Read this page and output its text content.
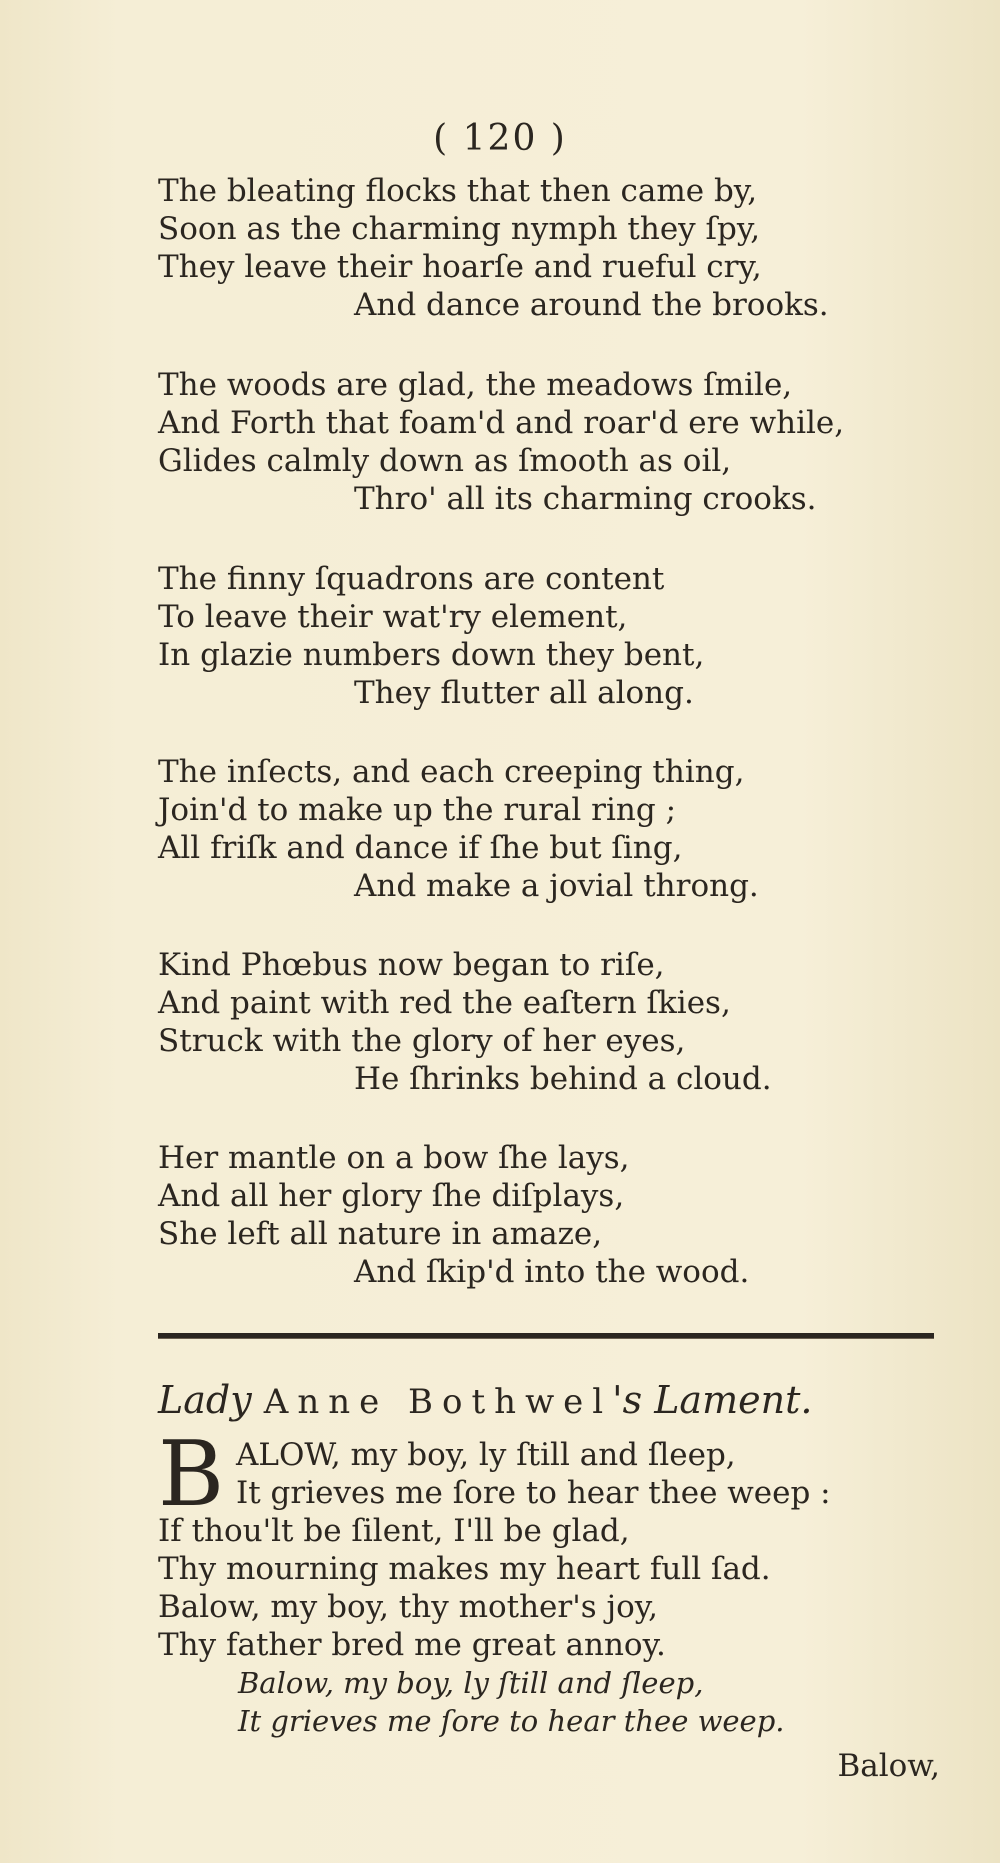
( 120 )
The bleating flocks that then came by,
Soon as the charming nymph they ſpy,
They leave their hoarſe and rueful cry,
And dance around the brooks.
The woods are glad, the meadows ſmile,
And Forth that foam'd and roar'd ere while,
Glides calmly down as ſmooth as oil,
Thro' all its charming crooks.
The finny ſquadrons are content
To leave their wat'ry element,
In glazie numbers down they bent,
They flutter all along.
The inſects, and each creeping thing,
Join'd to make up the rural ring ;
All friſk and dance if ſhe but ſing,
And make a jovial throng.
Kind Phœbus now began to riſe,
And paint with red the eaſtern ſkies,
Struck with the glory of her eyes,
He ſhrinks behind a cloud.
Her mantle on a bow ſhe lays,
And all her glory ſhe diſplays,
She left all nature in amaze,
And ſkip'd into the wood.
Lady Anne Bothwel's Lament.
B ALOW, my boy, ly ſtill and ſleep,
It grieves me ſore to hear thee weep :
If thou'lt be ſilent, I'll be glad,
Thy mourning makes my heart full ſad.
Balow, my boy, thy mother's joy,
Thy father bred me great annoy.
Balow, my boy, ly ſtill and ſleep,
It grieves me ſore to hear thee weep.
Balow,
